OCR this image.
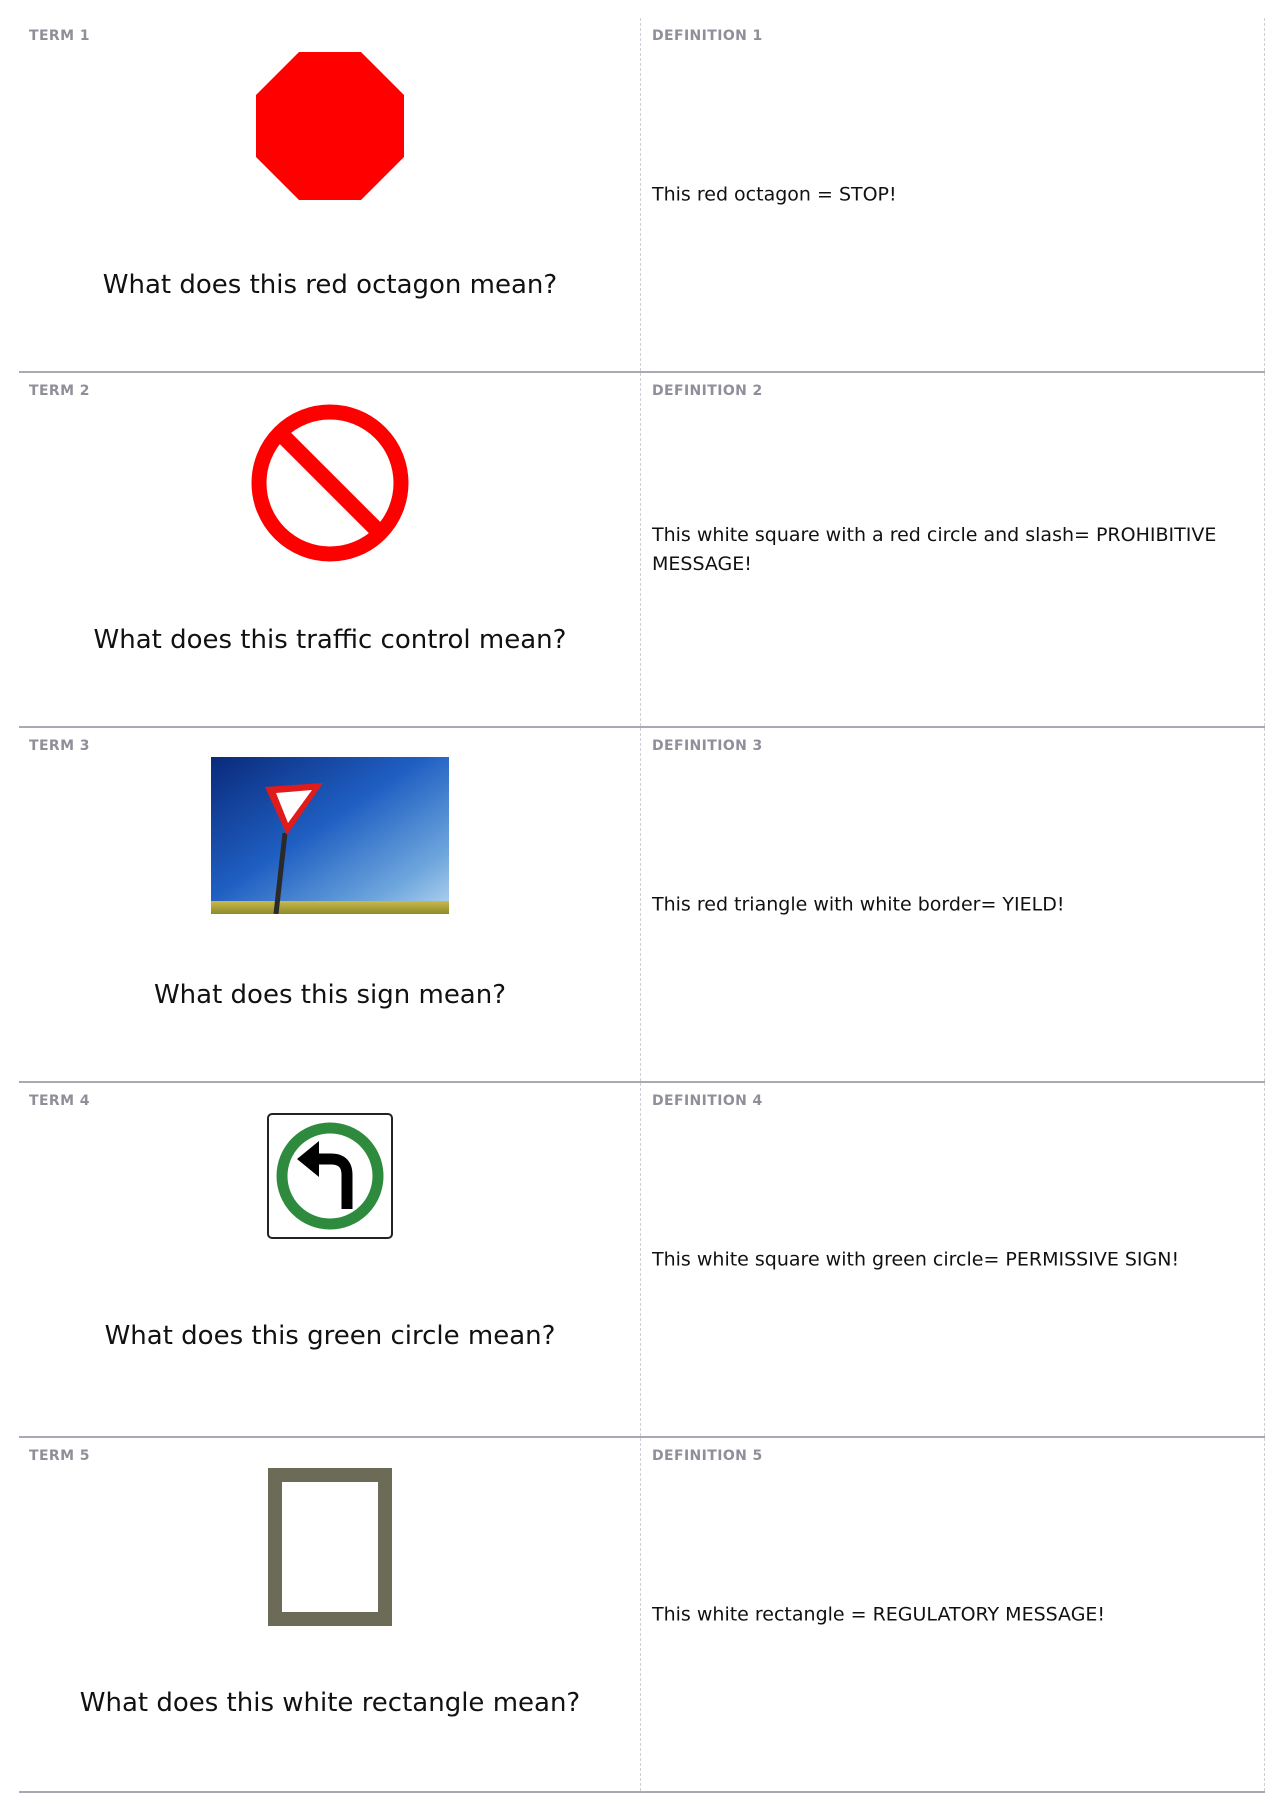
TERM 1
What does this red octagon mean?
DEFINITION 1
This red octagon = STOP!
TERM 2
What does this traffic control mean?
DEFINITION 2
This white square with a red circle and slash= PROHIBITIVE MESSAGE!
TERM 3
What does this sign mean?
DEFINITION 3
This red triangle with white border= YIELD!
TERM 4
What does this green circle mean?
DEFINITION 4
This white square with green circle= PERMISSIVE SIGN!
TERM 5
What does this white rectangle mean?
DEFINITION 5
This white rectangle = REGULATORY MESSAGE!
